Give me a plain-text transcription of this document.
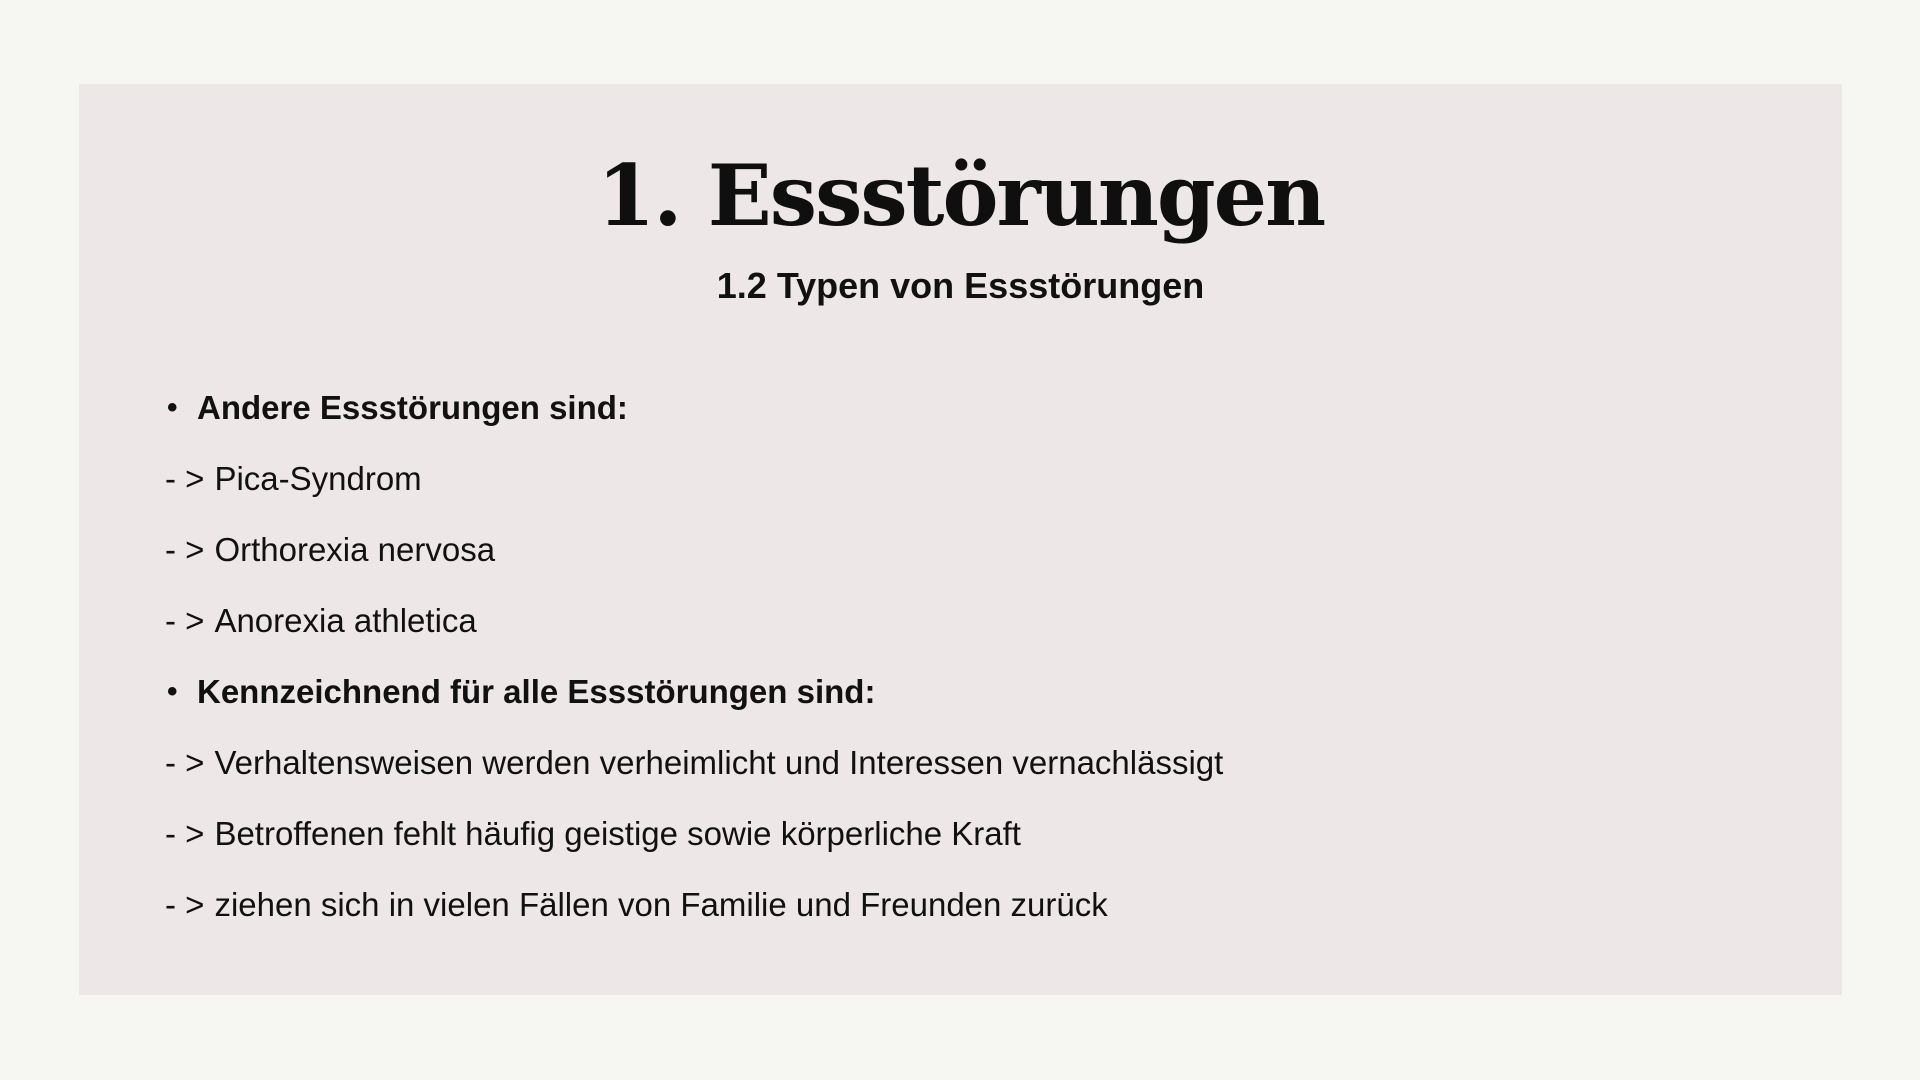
1. Essstörungen
1.2 Typen von Essstörungen
• Andere Essstörungen sind:
- > Pica-Syndrom
- > Orthorexia nervosa
- > Anorexia athletica
• Kennzeichnend für alle Essstörungen sind:
- > Verhaltensweisen werden verheimlicht und Interessen vernachlässigt
- > Betroffenen fehlt häufig geistige sowie körperliche Kraft
- > ziehen sich in vielen Fällen von Familie und Freunden zurück
